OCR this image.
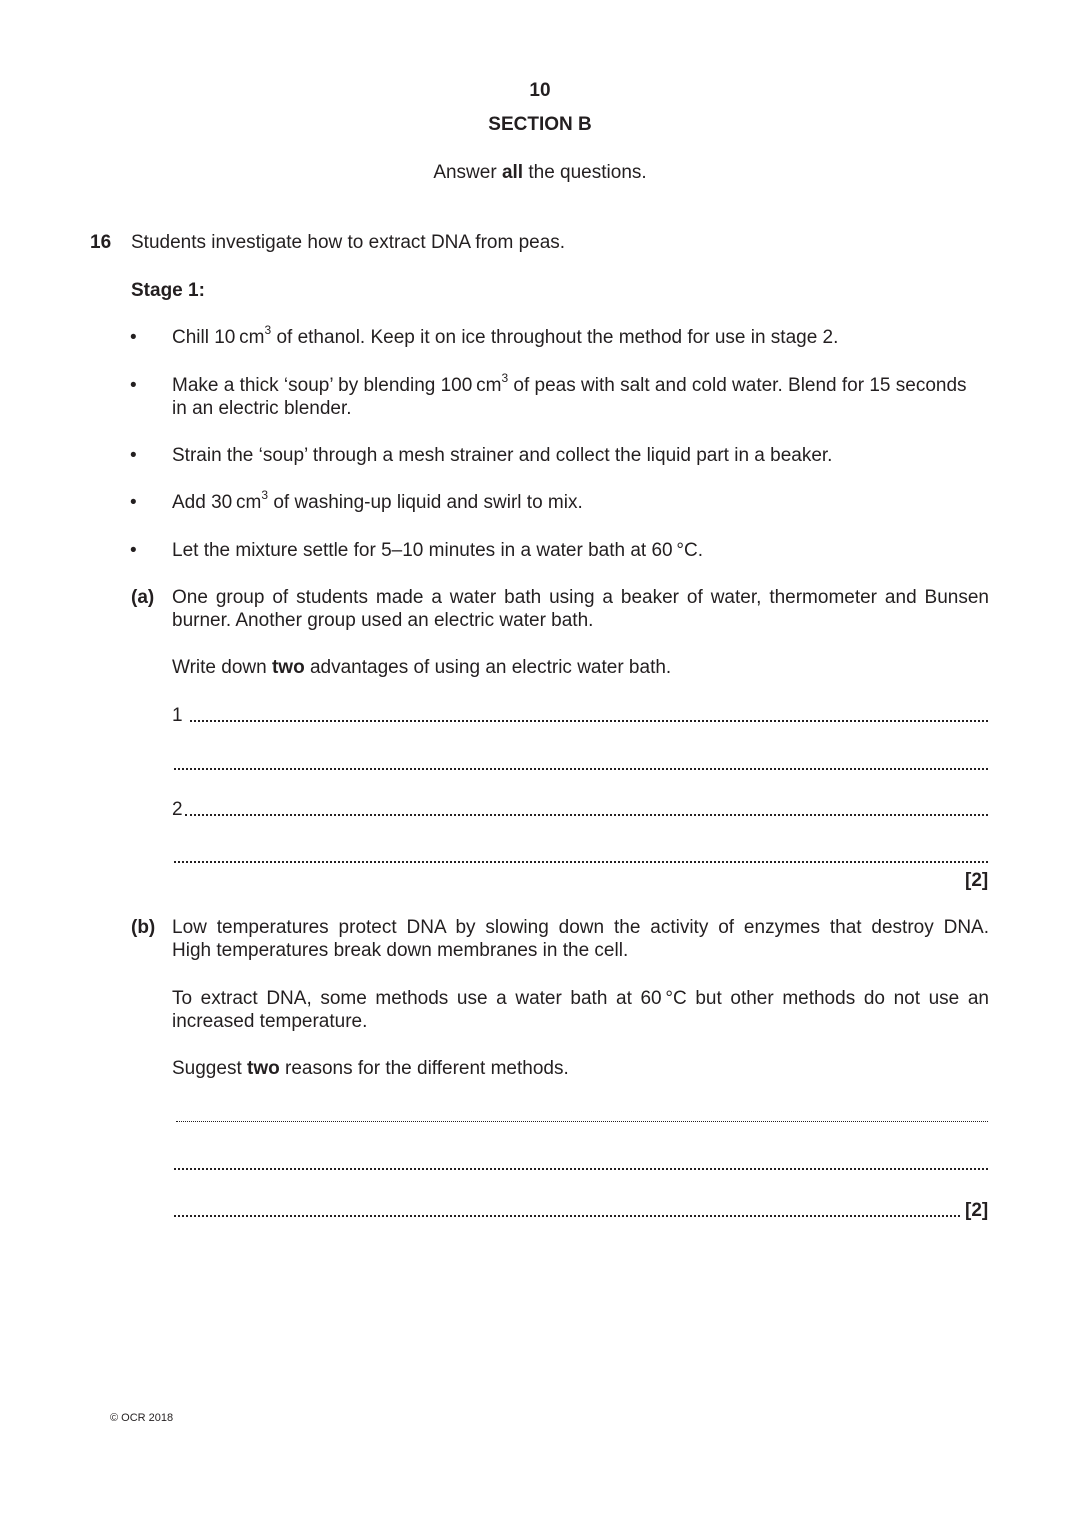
10
SECTION B
Answer all the questions.
16 Students investigate how to extract DNA from peas.
Stage 1:
• Chill 10 $cm^3$ of ethanol. Keep it on ice throughout the method for use in stage 2.
• Make a thick ‘soup’ by blending 100 $cm^3$ of peas with salt and cold water. Blend for 15 seconds
in an electric blender.
• Strain the ‘soup’ through a mesh strainer and collect the liquid part in a beaker.
• Add 30 $cm^3$ of washing-up liquid and swirl to mix.
• Let the mixture settle for 5–10 minutes in a water bath at 60 °C.
(a) One group of students made a water bath using a beaker of water, thermometer and Bunsen
burner. Another group used an electric water bath.
Write down two advantages of using an electric water bath.
1
2
[2]
(b) Low temperatures protect DNA by slowing down the activity of enzymes that destroy DNA.
High temperatures break down membranes in the cell.
To extract DNA, some methods use a water bath at 60 °C but other methods do not use an
increased temperature.
Suggest two reasons for the different methods.
[2]
© OCR 2018
